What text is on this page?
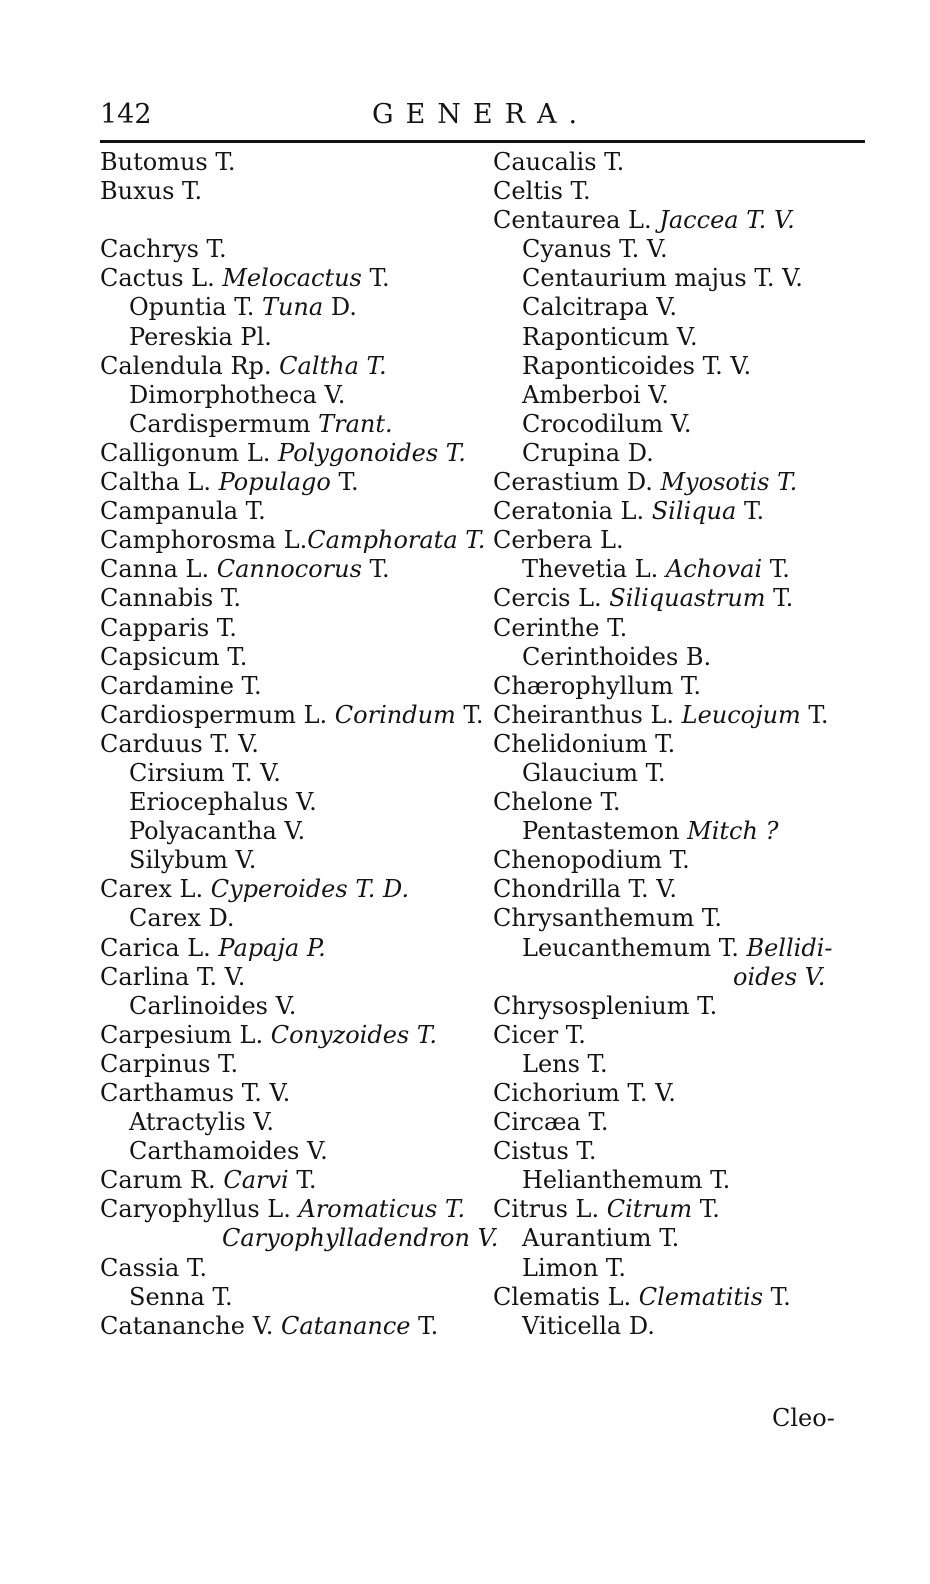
142	GENERA.
Butomus T.
Buxus T.
Cachrys T.
Cactus L. Melocactus T.
Opuntia T. Tuna D.
Pereskia Pl.
Calendula Rp. Caltha T.
Dimorphotheca V.
Cardispermum Trant.
Calligonum L. Polygonoides T.
Caltha L. Populago T.
Campanula T.
Camphorosma L.Camphorata T.
Canna L. Cannocorus T.
Cannabis T.
Capparis T.
Capsicum T.
Cardamine T.
Cardiospermum L. Corindum T.
Carduus T. V.
Cirsium T. V.
Eriocephalus V.
Polyacantha V.
Silybum V.
Carex L. Cyperoides T. D.
Carex D.
Carica L. Papaja P.
Carlina T. V.
Carlinoides V.
Carpesium L. Conyzoides T.
Carpinus T.
Carthamus T. V.
Atractylis V.
Carthamoides V.
Carum R. Carvi T.
Caryophyllus L. Aromaticus T.
Caryophylladendron V.
Cassia T.
Senna T.
Catananche V. Catanance T.
Caucalis T.
Celtis T.
Centaurea L. Jaccea T. V.
Cyanus T. V.
Centaurium majus T. V.
Calcitrapa V.
Raponticum V.
Raponticoides T. V.
Amberboi V.
Crocodilum V.
Crupina D.
Cerastium D. Myosotis T.
Ceratonia L. Siliqua T.
Cerbera L.
Thevetia L. Achovai T.
Cercis L. Siliquastrum T.
Cerinthe T.
Cerinthoides B.
Chærophyllum T.
Cheiranthus L. Leucojum T.
Chelidonium T.
Glaucium T.
Chelone T.
Pentastemon Mitch ?
Chenopodium T.
Chondrilla T. V.
Chrysanthemum T.
Leucanthemum T. Bellidi-
oides V.
Chrysosplenium T.
Cicer T.
Lens T.
Cichorium T. V.
Circæa T.
Cistus T.
Helianthemum T.
Citrus L. Citrum T.
Aurantium T.
Limon T.
Clematis L. Clematitis T.
Viticella D.
Cleo-
